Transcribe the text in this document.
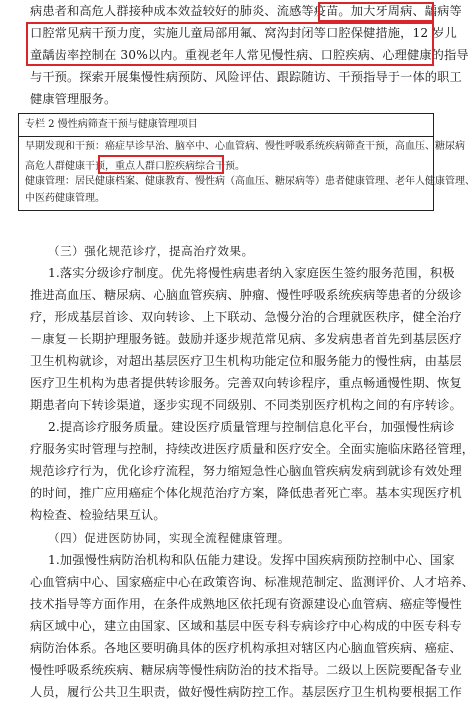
病患者和高危人群接种成本效益较好的肺炎、流感等疫苗。加大牙周病、龋病等
口腔常见病干预力度，实施儿童局部用氟、窝沟封闭等口腔保健措施，12 岁儿
童龋齿率控制在 30%以内。重视老年人常见慢性病、口腔疾病、心理健康的指导
与干预。探索开展集慢性病预防、风险评估、跟踪随访、干预指导于一体的职工
健康管理服务。
专栏 2 慢性病筛查干预与健康管理项目
早期发现和干预：癌症早诊早治、脑卒中、心血管病、慢性呼吸系统疾病筛查干预，高血压、糖尿病
高危人群健康干预，重点人群口腔疾病综合干预。
健康管理：居民健康档案、健康教育、慢性病（高血压、糖尿病等）患者健康管理、老年人健康管理、
中医药健康管理。
（三）强化规范诊疗，提高治疗效果。
1.落实分级诊疗制度。优先将慢性病患者纳入家庭医生签约服务范围，积极
推进高血压、糖尿病、心脑血管疾病、肿瘤、慢性呼吸系统疾病等患者的分级诊
疗，形成基层首诊、双向转诊、上下联动、急慢分治的合理就医秩序，健全治疗
－康复－长期护理服务链。鼓励并逐步规范常见病、多发病患者首先到基层医疗
卫生机构就诊，对超出基层医疗卫生机构功能定位和服务能力的慢性病，由基层
医疗卫生机构为患者提供转诊服务。完善双向转诊程序，重点畅通慢性期、恢复
期患者向下转诊渠道，逐步实现不同级别、不同类别医疗机构之间的有序转诊。
2.提高诊疗服务质量。建设医疗质量管理与控制信息化平台，加强慢性病诊
疗服务实时管理与控制，持续改进医疗质量和医疗安全。全面实施临床路径管理，
规范诊疗行为，优化诊疗流程，努力缩短急性心脑血管疾病发病到就诊有效处理
的时间，推广应用癌症个体化规范治疗方案，降低患者死亡率。基本实现医疗机
构检查、检验结果互认。
（四）促进医防协同，实现全流程健康管理。
1.加强慢性病防治机构和队伍能力建设。发挥中国疾病预防控制中心、国家
心血管病中心、国家癌症中心在政策咨询、标准规范制定、监测评价、人才培养、
技术指导等方面作用，在条件成熟地区依托现有资源建设心血管病、癌症等慢性
病区域中心，建立由国家、区域和基层中医专科专病诊疗中心构成的中医专科专
病防治体系。各地区要明确具体的医疗机构承担对辖区内心脑血管疾病、癌症、
慢性呼吸系统疾病、糖尿病等慢性病防治的技术指导。二级以上医院要配备专业
人员，履行公共卫生职责，做好慢性病防控工作。基层医疗卫生机构要根据工作
